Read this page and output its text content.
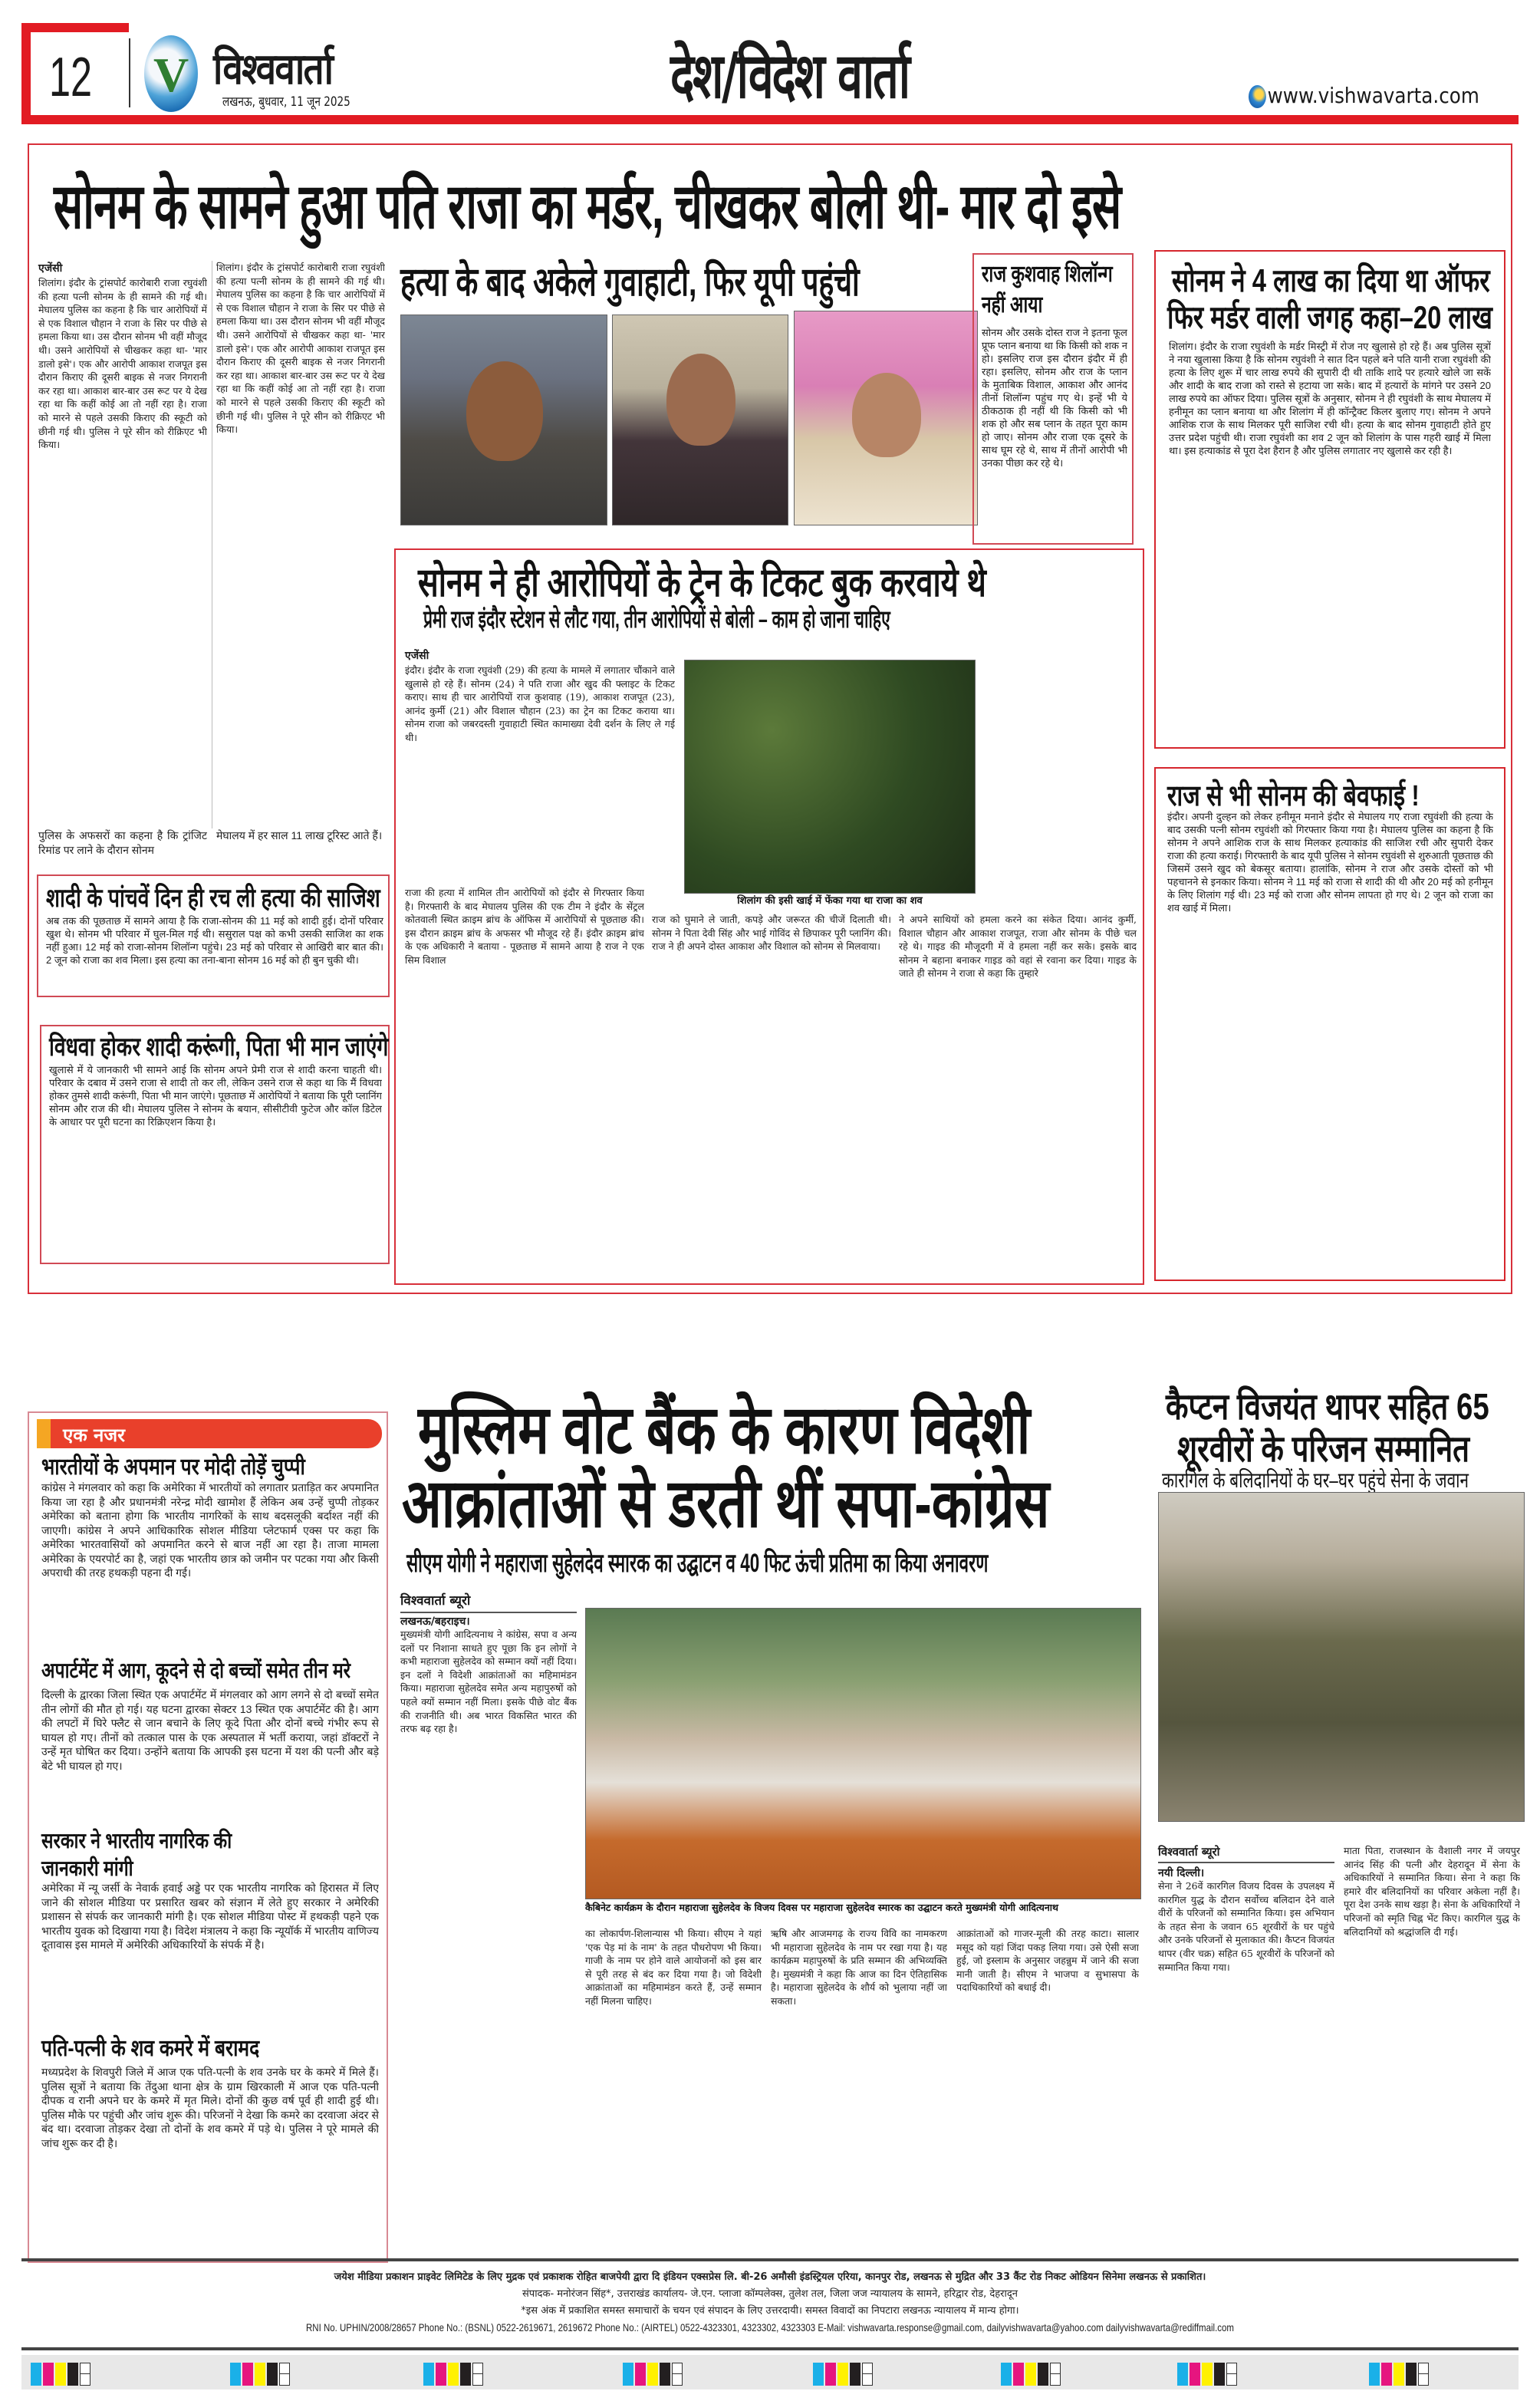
12 V विश्ववार्ता
लखनऊ, बुधवार, 11 जून 2025	देश/विदेश वार्ता	www.vishwavarta.com
सोनम के सामने हुआ पति राजा का मर्डर, चीखकर बोली थी- मार दो इसे
एजेंसी

शिलांग। इंदौर के ट्रांसपोर्ट कारोबारी राजा रघुवंशी की हत्या पत्नी सोनम के ही सामने की गई थी। मेघालय पुलिस का कहना है कि चार आरोपियों में से एक विशाल चौहान ने राजा के सिर पर पीछे से हमला किया था। उस दौरान सोनम भी वहीं मौजूद थी। उसने आरोपियों से चीखकर कहा था- 'मार डालो इसे'। एक और आरोपी आकाश राजपूत इस दौरान किराए की दूसरी बाइक से नजर निगरानी कर रहा था। आकाश बार-बार उस रूट पर ये देख रहा था कि कहीं कोई आ तो नहीं रहा है। राजा को मारने से पहले उसकी किराए की स्कूटी को छीनी गई थी। पुलिस ने पूरे सीन को रीक्रिएट भी किया।

शिलांग। इंदौर के ट्रांसपोर्ट कारोबारी राजा रघुवंशी की हत्या पत्नी सोनम के ही सामने की गई थी। मेघालय पुलिस का कहना है कि चार आरोपियों में से एक विशाल चौहान ने राजा के सिर पर पीछे से हमला किया था। उस दौरान सोनम भी वहीं मौजूद थी। उसने आरोपियों से चीखकर कहा था- 'मार डालो इसे'। एक और आरोपी आकाश राजपूत इस दौरान किराए की दूसरी बाइक से नजर निगरानी कर रहा था। आकाश बार-बार उस रूट पर ये देख रहा था कि कहीं कोई आ तो नहीं रहा है। राजा को मारने से पहले उसकी किराए की स्कूटी को छीनी गई थी। पुलिस ने पूरे सीन को रीक्रिएट भी किया।

पुलिस के अफसरों का कहना है कि ट्रांजिट रिमांड पर लाने के दौरान सोनम

मेघालय में हर साल 11 लाख टूरिस्ट आते हैं।

शादी के पांचवें दिन ही रच ली हत्या की साजिश

अब तक की पूछताछ में सामने आया है कि राजा-सोनम की 11 मई को शादी हुई। दोनों परिवार खुश थे। सोनम भी परिवार में घुल-मिल गई थी। ससुराल पक्ष को कभी उसकी साजिश का शक नहीं हुआ। 12 मई को राजा-सोनम शिलॉन्ग पहुंचे। 23 मई को परिवार से आखिरी बार बात की। 2 जून को राजा का शव मिला। इस हत्या का तना-बाना सोनम 16 मई को ही बुन चुकी थी।

विधवा होकर शादी करूंगी, पिता भी मान जाएंगे

खुलासे में ये जानकारी भी सामने आई कि सोनम अपने प्रेमी राज से शादी करना चाहती थी। परिवार के दबाव में उसने राजा से शादी तो कर ली, लेकिन उसने राज से कहा था कि मैं विधवा होकर तुमसे शादी करूंगी, पिता भी मान जाएंगे। पूछताछ में आरोपियों ने बताया कि पूरी प्लानिंग सोनम और राज की थी। मेघालय पुलिस ने सोनम के बयान, सीसीटीवी फुटेज और कॉल डिटेल के आधार पर पूरी घटना का रिक्रिएशन किया है।

हत्या के बाद अकेले गुवाहाटी, फिर यूपी पहुंची	राज कुशवाह शिलॉन्ग नहीं आया

सोनम और उसके दोस्त राज ने इतना फूल प्रूफ प्लान बनाया था कि किसी को शक न हो। इसलिए राज इस दौरान इंदौर में ही रहा। इसलिए, सोनम और राज के प्लान के मुताबिक विशाल, आकाश और आनंद तीनों शिलॉन्ग पहुंच गए थे। इन्हें भी ये ठीकठाक ही नहीं थी कि किसी को भी शक हो और सब प्लान के तहत पूरा काम हो जाए। सोनम और राजा एक दूसरे के साथ घूम रहे थे, साथ में तीनों आरोपी भी उनका पीछा कर रहे थे।

सोनम ने 4 लाख का दिया था ऑफर
फिर मर्डर वाली जगह कहा–20 लाख

शिलांग। इंदौर के राजा रघुवंशी के मर्डर मिस्ट्री में रोज नए खुलासे हो रहे हैं। अब पुलिस सूत्रों ने नया खुलासा किया है कि सोनम रघुवंशी ने सात दिन पहले बने पति यानी राजा रघुवंशी की हत्या के लिए शुरू में चार लाख रुपये की सुपारी दी थी ताकि शादे पर हत्यारे खोले जा सकें और शादी के बाद राजा को रास्ते से हटाया जा सके। बाद में हत्यारों के मांगने पर उसने 20 लाख रुपये का ऑफर दिया। पुलिस सूत्रों के अनुसार, सोनम ने ही रघुवंशी के साथ मेघालय में हनीमून का प्लान बनाया था और शिलांग में ही कॉन्ट्रैक्ट किलर बुलाए गए। सोनम ने अपने आशिक राज के साथ मिलकर पूरी साजिश रची थी। हत्या के बाद सोनम गुवाहाटी होते हुए उत्तर प्रदेश पहुंची थी। राजा रघुवंशी का शव 2 जून को शिलांग के पास गहरी खाई में मिला था। इस हत्याकांड से पूरा देश हैरान है और पुलिस लगातार नए खुलासे कर रही है।

सोनम ने ही आरोपियों के ट्रेन के टिकट बुक करवाये थे
प्रेमी राज इंदौर स्टेशन से लौट गया, तीन आरोपियों से बोली – काम हो जाना चाहिए
एजेंसी

इंदौर। इंदौर के राजा रघुवंशी (29) की हत्या के मामले में लगातार चौंकाने वाले खुलासे हो रहे हैं। सोनम (24) ने पति राजा और खुद की फ्लाइट के टिकट कराए। साथ ही चार आरोपियों राज कुशवाह (19), आकाश राजपूत (23), आनंद कुर्मी (21) और विशाल चौहान (23) का ट्रेन का टिकट कराया था। सोनम राजा को जबरदस्ती गुवाहाटी स्थित कामाख्या देवी दर्शन के लिए ले गई थी।

शिलांग की इसी खाई में फेंका गया था राजा का शव

राजा की हत्या में शामिल तीन आरोपियों को इंदौर से गिरफ्तार किया है। गिरफ्तारी के बाद मेघालय पुलिस की एक टीम ने इंदौर के सेंट्रल कोतवाली स्थित क्राइम ब्रांच के ऑफिस में आरोपियों से पूछताछ की। इस दौरान क्राइम ब्रांच के अफसर भी मौजूद रहे हैं। इंदौर क्राइम ब्रांच के एक अधिकारी ने बताया - पूछताछ में सामने आया है राज ने एक सिम विशाल

राज को घुमाने ले जाती, कपड़े और जरूरत की चीजें दिलाती थी। सोनम ने पिता देवी सिंह और भाई गोविंद से छिपाकर पूरी प्लानिंग की। राज ने ही अपने दोस्त आकाश और विशाल को सोनम से मिलवाया।

ने अपने साथियों को हमला करने का संकेत दिया। आनंद कुर्मी, विशाल चौहान और आकाश राजपूत, राजा और सोनम के पीछे चल रहे थे। गाइड की मौजूदगी में वे हमला नहीं कर सके। इसके बाद सोनम ने बहाना बनाकर गाइड को वहां से रवाना कर दिया। गाइड के जाते ही सोनम ने राजा से कहा कि तुम्हारे

राज से भी सोनम की बेवफाई !

इंदौर। अपनी दुल्हन को लेकर हनीमून मनाने इंदौर से मेघालय गए राजा रघुवंशी की हत्या के बाद उसकी पत्नी सोनम रघुवंशी को गिरफ्तार किया गया है। मेघालय पुलिस का कहना है कि सोनम ने अपने आशिक राज के साथ मिलकर हत्याकांड की साजिश रची और सुपारी देकर राजा की हत्या कराई। गिरफ्तारी के बाद यूपी पुलिस ने सोनम रघुवंशी से शुरुआती पूछताछ की जिसमें उसने खुद को बेकसूर बताया। हालांकि, सोनम ने राज और उसके दोस्तों को भी पहचानने से इनकार किया। सोनम ने 11 मई को राजा से शादी की थी और 20 मई को हनीमून के लिए शिलांग गई थी। 23 मई को राजा और सोनम लापता हो गए थे। 2 जून को राजा का शव खाई में मिला।

एक नजर
भारतीयों के अपमान पर मोदी तोड़ें चुप्पी

कांग्रेस ने मंगलवार को कहा कि अमेरिका में भारतीयों को लगातार प्रताड़ित कर अपमानित किया जा रहा है और प्रधानमंत्री नरेन्द्र मोदी खामोश हैं लेकिन अब उन्हें चुप्पी तोड़कर अमेरिका को बताना होगा कि भारतीय नागरिकों के साथ बदसलूकी बर्दाश्त नहीं की जाएगी। कांग्रेस ने अपने आधिकारिक सोशल मीडिया प्लेटफार्म एक्स पर कहा कि अमेरिका भारतवासियों को अपमानित करने से बाज नहीं आ रहा है। ताजा मामला अमेरिका के एयरपोर्ट का है, जहां एक भारतीय छात्र को जमीन पर पटका गया और किसी अपराधी की तरह हथकड़ी पहना दी गई।

अपार्टमेंट में आग, कूदने से दो बच्चों समेत तीन मरे

दिल्ली के द्वारका जिला स्थित एक अपार्टमेंट में मंगलवार को आग लगने से दो बच्चों समेत तीन लोगों की मौत हो गई। यह घटना द्वारका सेक्टर 13 स्थित एक अपार्टमेंट की है। आग की लपटों में घिरे फ्लैट से जान बचाने के लिए कूदे पिता और दोनों बच्चे गंभीर रूप से घायल हो गए। तीनों को तत्काल पास के एक अस्पताल में भर्ती कराया, जहां डॉक्टरों ने उन्हें मृत घोषित कर दिया। उन्होंने बताया कि आपकी इस घटना में यश की पत्नी और बड़े बेटे भी घायल हो गए।

सरकार ने भारतीय नागरिक की जानकारी मांगी

अमेरिका में न्यू जर्सी के नेवार्क हवाई अड्डे पर एक भारतीय नागरिक को हिरासत में लिए जाने की सोशल मीडिया पर प्रसारित खबर को संज्ञान में लेते हुए सरकार ने अमेरिकी प्रशासन से संपर्क कर जानकारी मांगी है। एक सोशल मीडिया पोस्ट में हथकड़ी पहने एक भारतीय युवक को दिखाया गया है। विदेश मंत्रालय ने कहा कि न्यूयॉर्क में भारतीय वाणिज्य दूतावास इस मामले में अमेरिकी अधिकारियों के संपर्क में है।

पति-पत्नी के शव कमरे में बरामद

मध्यप्रदेश के शिवपुरी जिले में आज एक पति-पत्नी के शव उनके घर के कमरे में मिले हैं। पुलिस सूत्रों ने बताया कि तेंदुआ थाना क्षेत्र के ग्राम खिरकाली में आज एक पति-पत्नी दीपक व रानी अपने घर के कमरे में मृत मिले। दोनों की कुछ वर्ष पूर्व ही शादी हुई थी। पुलिस मौके पर पहुंची और जांच शुरू की। परिजनों ने देखा कि कमरे का दरवाजा अंदर से बंद था। दरवाजा तोड़कर देखा तो दोनों के शव कमरे में पड़े थे। पुलिस ने पूरे मामले की जांच शुरू कर दी है।

मुस्लिम वोट बैंक के कारण विदेशी
आक्रांताओं से डरती थीं सपा-कांग्रेस
सीएम योगी ने महाराजा सुहेलदेव स्मारक का उद्घाटन व 40 फिट ऊंची प्रतिमा का किया अनावरण
विश्ववार्ता ब्यूरो
लखनऊ/बहराइच।

मुख्यमंत्री योगी आदित्यनाथ ने कांग्रेस, सपा व अन्य दलों पर निशाना साधते हुए पूछा कि इन लोगों ने कभी महाराजा सुहेलदेव को सम्मान क्यों नहीं दिया। इन दलों ने विदेशी आक्रांताओं का महिमामंडन किया। महाराजा सुहेलदेव समेत अन्य महापुरुषों को पहले क्यों सम्मान नहीं मिला। इसके पीछे वोट बैंक की राजनीति थी। अब भारत विकसित भारत की तरफ बढ़ रहा है।

कैबिनेट कार्यक्रम के दौरान महाराजा सुहेलदेव के विजय दिवस पर महाराजा सुहेलदेव स्मारक का उद्घाटन करते मुख्यमंत्री योगी आदित्यनाथ

का लोकार्पण-शिलान्यास भी किया। सीएम ने यहां 'एक पेड़ मां के नाम' के तहत पौधरोपण भी किया। गाजी के नाम पर होने वाले आयोजनों को इस बार से पूरी तरह से बंद कर दिया गया है। जो विदेशी आक्रांताओं का महिमामंडन करते हैं, उन्हें सम्मान नहीं मिलना चाहिए।

ऋषि और आजमगढ़ के राज्य विवि का नामकरण भी महाराजा सुहेलदेव के नाम पर रखा गया है। यह कार्यक्रम महापुरुषों के प्रति सम्मान की अभिव्यक्ति है। मुख्यमंत्री ने कहा कि आज का दिन ऐतिहासिक है। महाराजा सुहेलदेव के शौर्य को भुलाया नहीं जा सकता।

आक्रांताओं को गाजर-मूली की तरह काटा। सालार मसूद को यहां जिंदा पकड़ लिया गया। उसे ऐसी सजा हुई, जो इस्लाम के अनुसार जहन्नुम में जाने की सजा मानी जाती है। सीएम ने भाजपा व सुभासपा के पदाधिकारियों को बधाई दी।

कैप्टन विजयंत थापर सहित 65
शूरवीरों के परिजन सम्मानित
कारगिल के बलिदानियों के घर–घर पहुंचे सेना के जवान
विश्ववार्ता ब्यूरो
नयी दिल्ली।

सेना ने 26वें कारगिल विजय दिवस के उपलक्ष्य में कारगिल युद्ध के दौरान सर्वोच्च बलिदान देने वाले वीरों के परिजनों को सम्मानित किया। इस अभियान के तहत सेना के जवान 65 शूरवीरों के घर पहुंचे और उनके परिजनों से मुलाकात की। कैप्टन विजयंत थापर (वीर चक्र) सहित 65 शूरवीरों के परिजनों को सम्मानित किया गया।

माता पिता, राजस्थान के वैशाली नगर में जयपुर आनंद सिंह की पत्नी और देहरादून में सेना के अधिकारियों ने सम्मानित किया। सेना ने कहा कि हमारे वीर बलिदानियों का परिवार अकेला नहीं है। पूरा देश उनके साथ खड़ा है। सेना के अधिकारियों ने परिजनों को स्मृति चिह्न भेंट किए। कारगिल युद्ध के बलिदानियों को श्रद्धांजलि दी गई।

जयेश मीडिया प्रकाशन प्राइवेट लिमिटेड के लिए मुद्रक एवं प्रकाशक रोहित बाजपेयी द्वारा दि इंडियन एक्सप्रेस लि. बी-26 अमौसी इंडस्ट्रियल एरिया, कानपुर रोड, लखनऊ से मुद्रित और 33 कैंट रोड निकट ओडियन सिनेमा लखनऊ से प्रकाशित।
संपादक- मनोरंजन सिंह*, उत्तराखंड कार्यालय- जे.एन. प्लाजा कॉम्पलेक्स, तुलेश तल, जिला जज न्यायालय के सामने, हरिद्वार रोड, देहरादून
*इस अंक में प्रकाशित समस्त समाचारों के चयन एवं संपादन के लिए उत्तरदायी। समस्त विवादों का निपटारा लखनऊ न्यायालय में मान्य होगा।
RNI No. UPHIN/2008/28657 Phone No.: (BSNL) 0522-2619671, 2619672 Phone No.: (AIRTEL) 0522-4323301, 4323302, 4323303 E-Mail: vishwavarta.response@gmail.com, dailyvishwavarta@yahoo.com dailyvishwavarta@rediffmail.com
